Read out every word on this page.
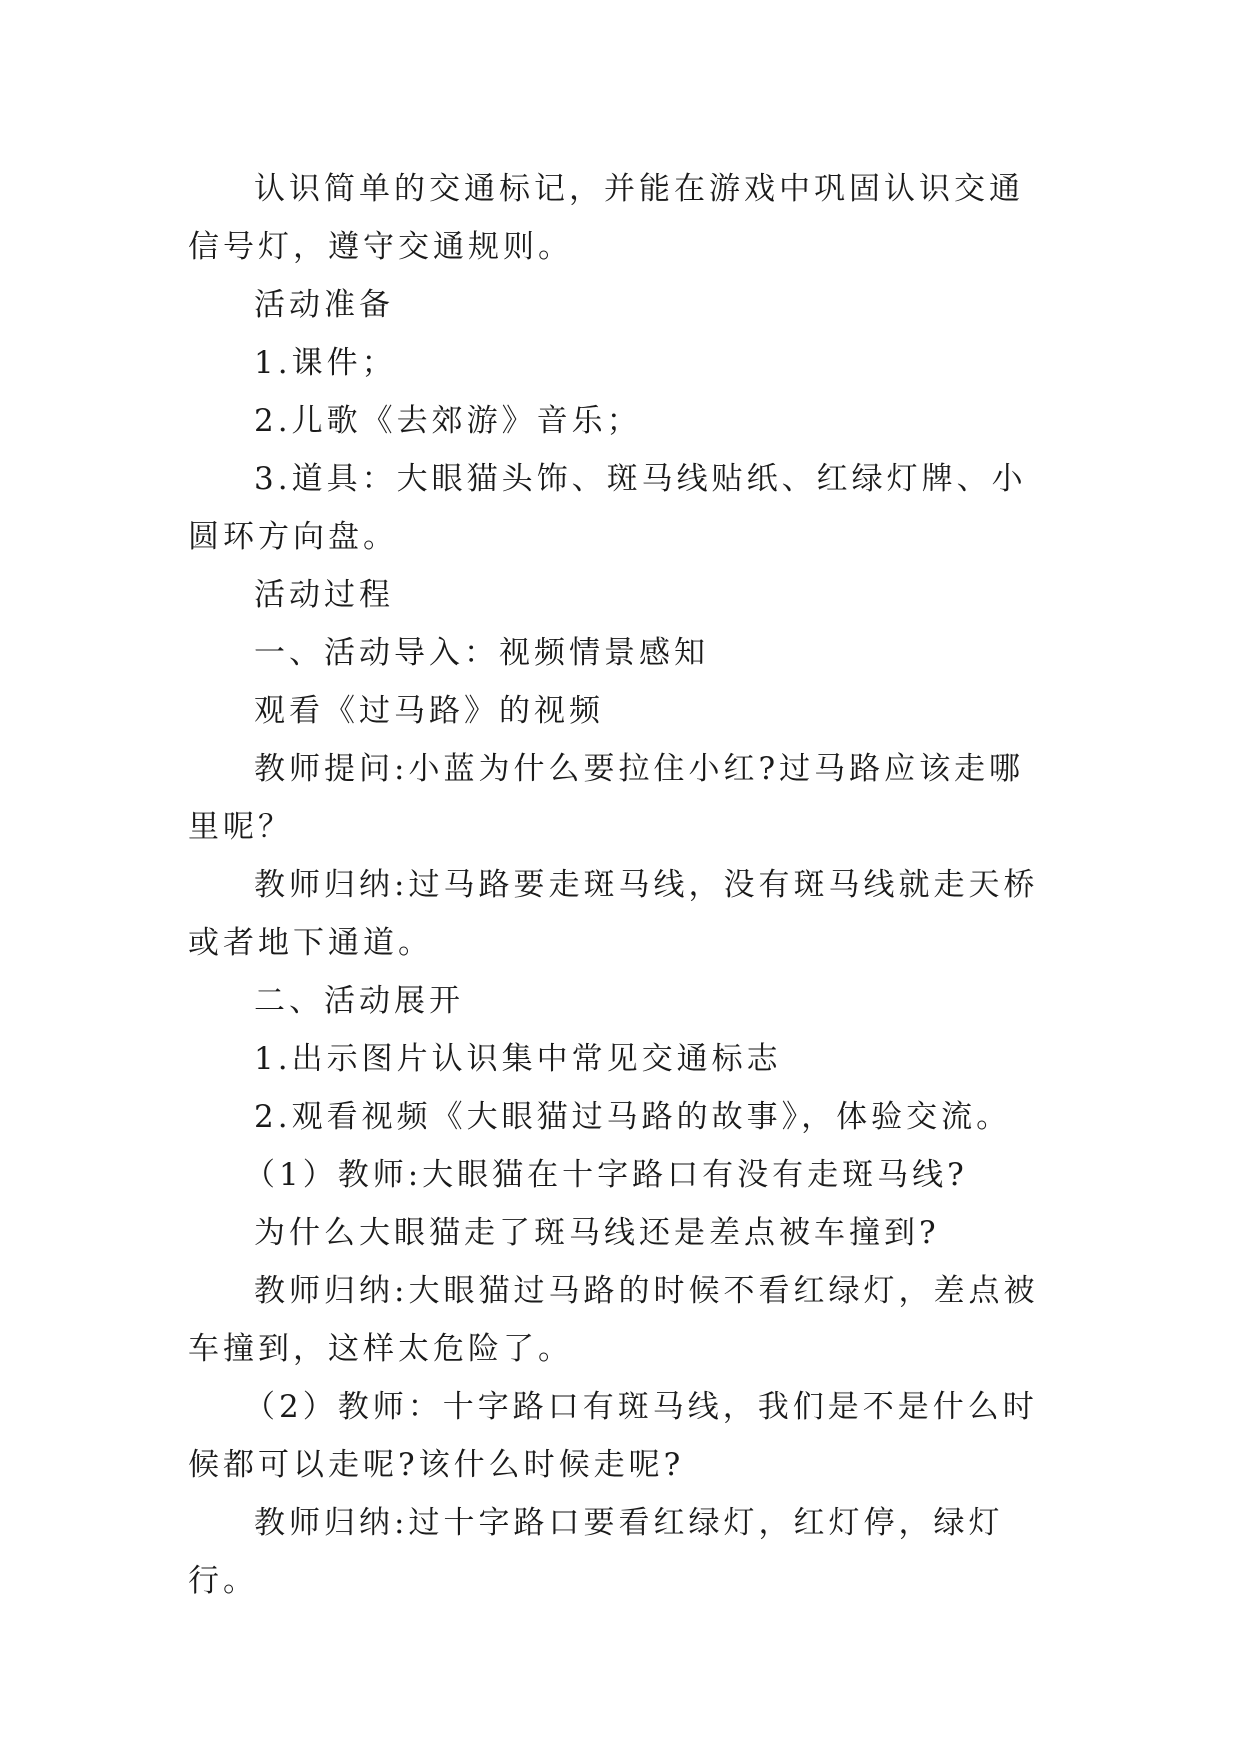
认识简单的交通标记，并能在游戏中巩固认识交通信号灯，遵守交通规则。

活动准备

1.课件；

2.儿歌《去郊游》音乐；

3.道具：大眼猫头饰、斑马线贴纸、红绿灯牌、小圆环方向盘。

活动过程

一、活动导入：视频情景感知

观看《过马路》的视频

教师提问:小蓝为什么要拉住小红?过马路应该走哪里呢？

教师归纳:过马路要走斑马线，没有斑马线就走天桥或者地下通道。

二、活动展开

1.出示图片认识集中常见交通标志

2.观看视频《大眼猫过马路的故事》，体验交流。

（1）教师:大眼猫在十字路口有没有走斑马线?

为什么大眼猫走了斑马线还是差点被车撞到?

教师归纳:大眼猫过马路的时候不看红绿灯，差点被车撞到，这样太危险了。

（2）教师：十字路口有斑马线，我们是不是什么时候都可以走呢?该什么时候走呢?

教师归纳:过十字路口要看红绿灯，红灯停，绿灯行。
